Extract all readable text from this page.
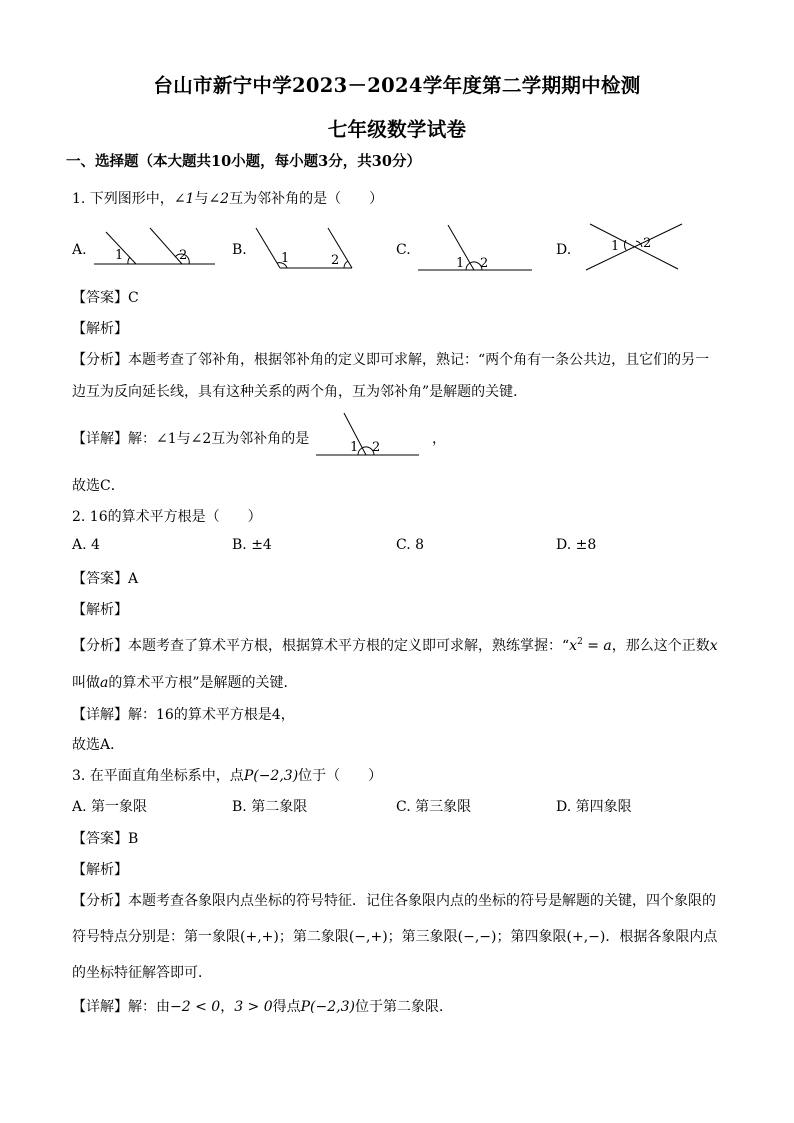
台山市新宁中学2023－2024学年度第二学期期中检测
七年级数学试卷
一、选择题（本大题共10小题，每小题3分，共30分）
1. 下列图形中，∠1与∠2互为邻补角的是（　　）
A. 1	2	B.
1	2
C.
1 2
D.	1 2
【答案】C
【解析】
【分析】本题考查了邻补角，根据邻补角的定义即可求解，熟记：“两个角有一条公共边，且它们的另一
边互为反向延长线，具有这种关系的两个角，互为邻补角”是解题的关键．
【详解】解：∠1与∠2互为邻补角的是
1 2
，
故选C．
2. 16的算术平方根是（　　）
A. 4	B. ±4	C. 8	D. ±8
【答案】A
【解析】
【分析】本题考查了算术平方根，根据算术平方根的定义即可求解，熟练掌握：“$x^2 = a$，那么这个正数x
叫做a的算术平方根”是解题的关键．
【详解】解：16的算术平方根是4，
故选A．
3. 在平面直角坐标系中，点P(−2,3)位于（　　）
A. 第一象限	B. 第二象限	C. 第三象限	D. 第四象限
【答案】B
【解析】
【分析】本题考查各象限内点坐标的符号特征．记住各象限内点的坐标的符号是解题的关键，四个象限的
符号特点分别是：第一象限(+,+)；第二象限(−,+)；第三象限(−,−)；第四象限(+,−)．根据各象限内点
的坐标特征解答即可．
【详解】解：由−2 < 0，3 > 0得点P(−2,3)位于第二象限．
